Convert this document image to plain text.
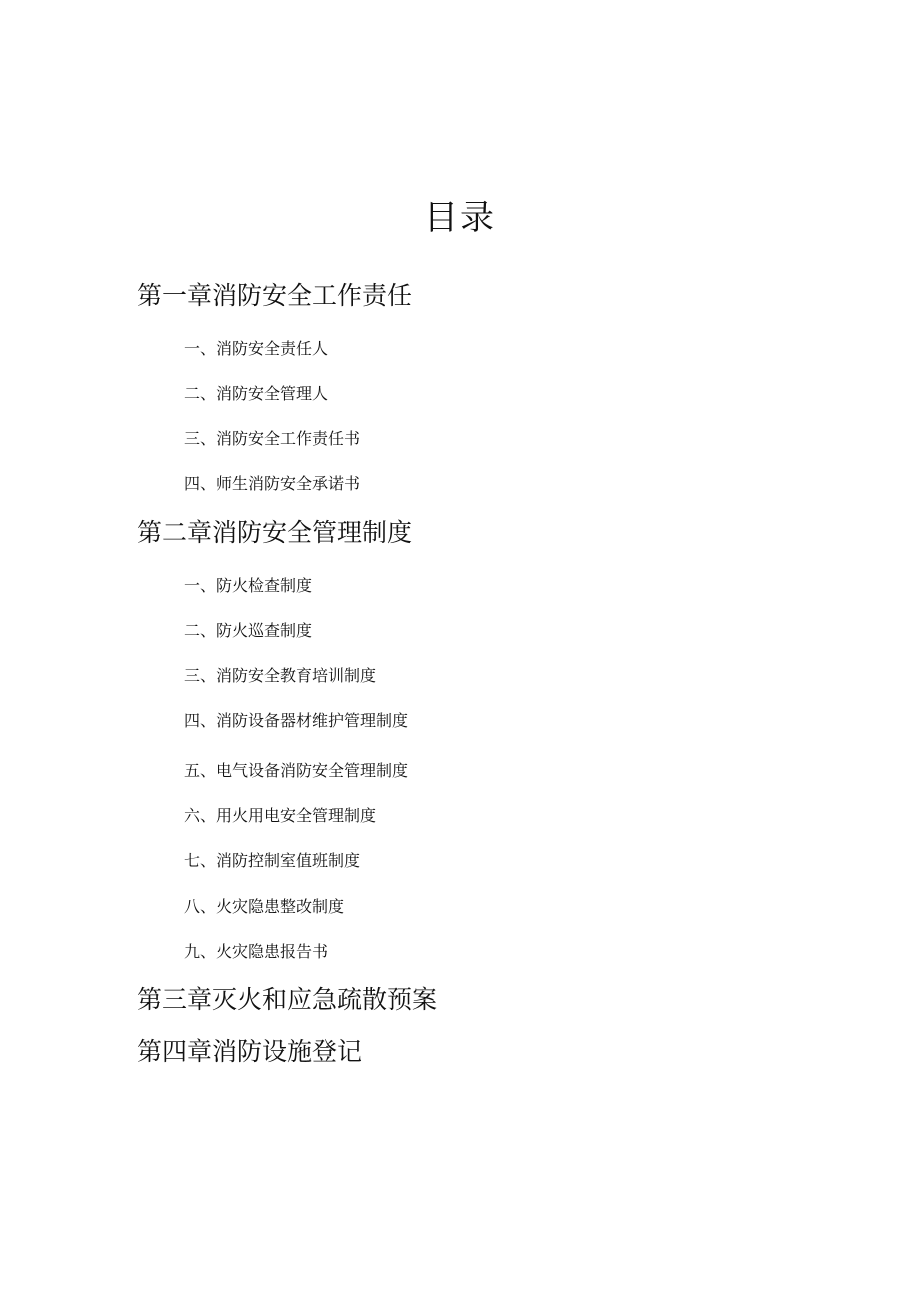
目录
第一章消防安全工作责任
一、消防安全责任人
二、消防安全管理人
三、消防安全工作责任书
四、师生消防安全承诺书
第二章消防安全管理制度
一、防火检查制度
二、防火巡查制度
三、消防安全教育培训制度
四、消防设备器材维护管理制度
五、电气设备消防安全管理制度
六、用火用电安全管理制度
七、消防控制室值班制度
八、火灾隐患整改制度
九、火灾隐患报告书
第三章灭火和应急疏散预案
第四章消防设施登记
